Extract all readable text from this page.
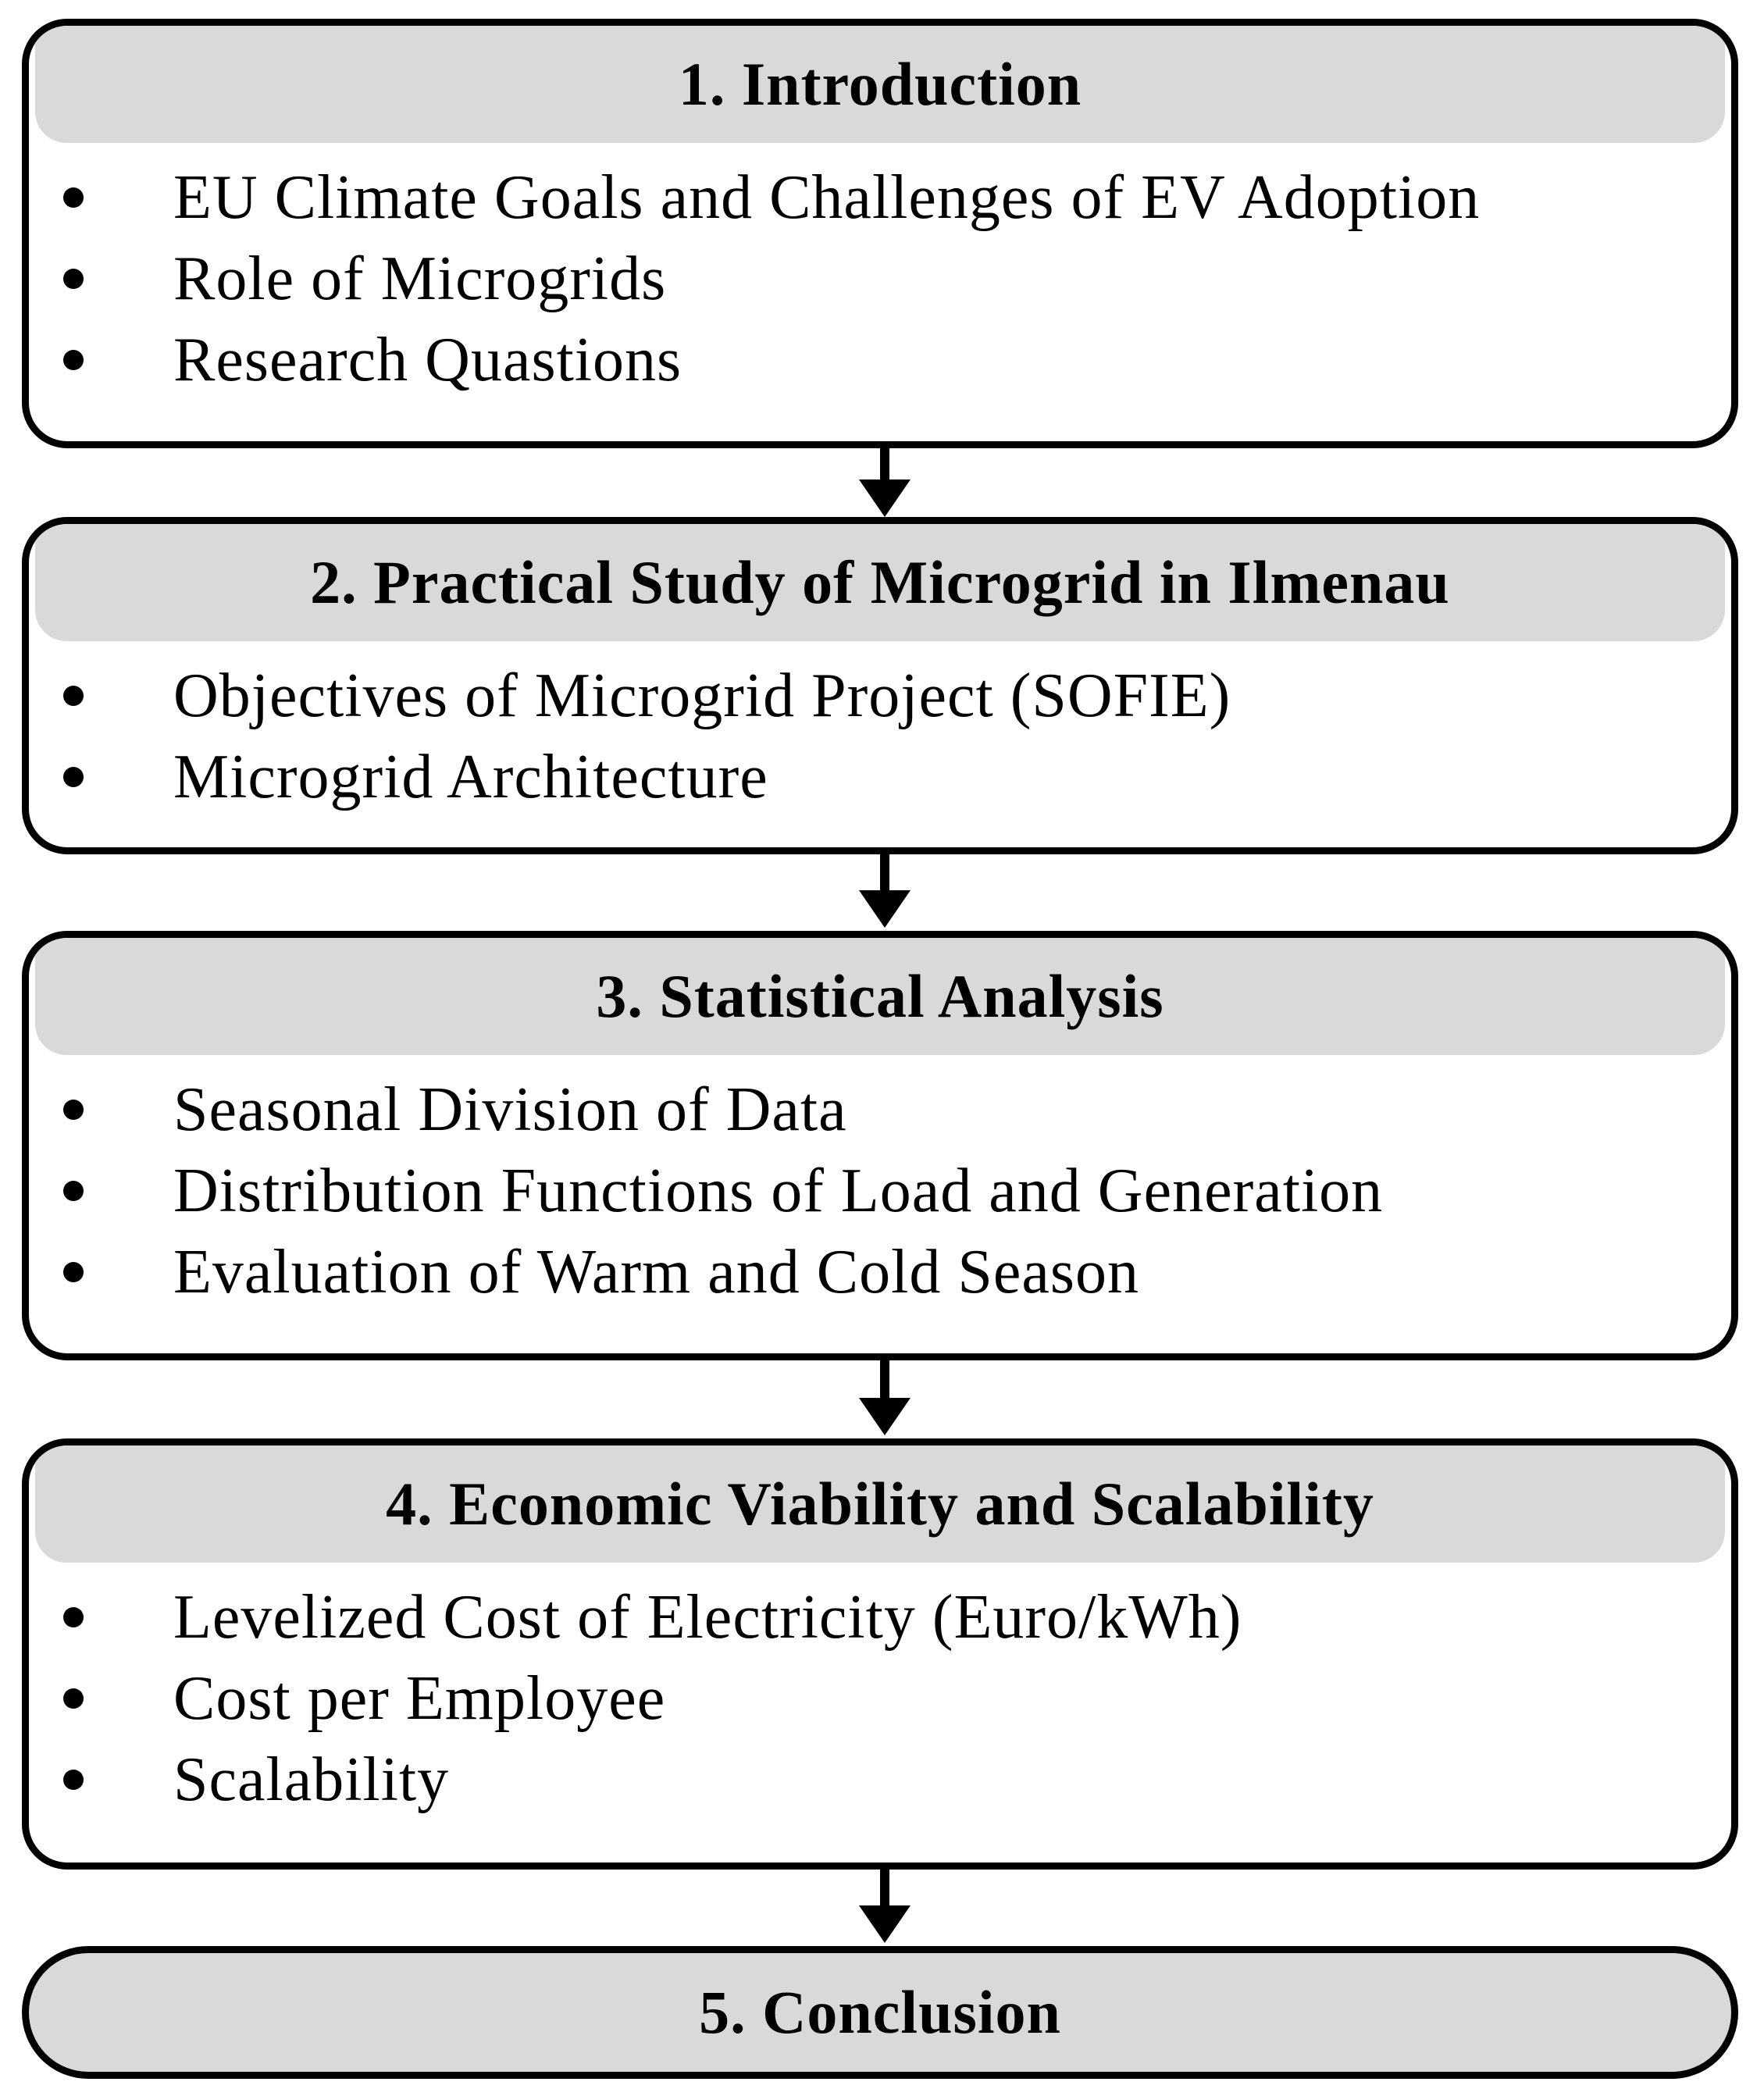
1. Introduction
EU Climate Goals and Challenges of EV Adoption
Role of Microgrids
Research Quastions
2. Practical Study of Microgrid in Ilmenau
Objectives of Microgrid Project (SOFIE)
Microgrid Architecture
3. Statistical Analysis
Seasonal Division of Data
Distribution Functions of Load and Generation
Evaluation of Warm and Cold Season
4. Economic Viability and Scalability
Levelized Cost of Electricity (Euro/kWh)
Cost per Employee
Scalability
5. Conclusion
